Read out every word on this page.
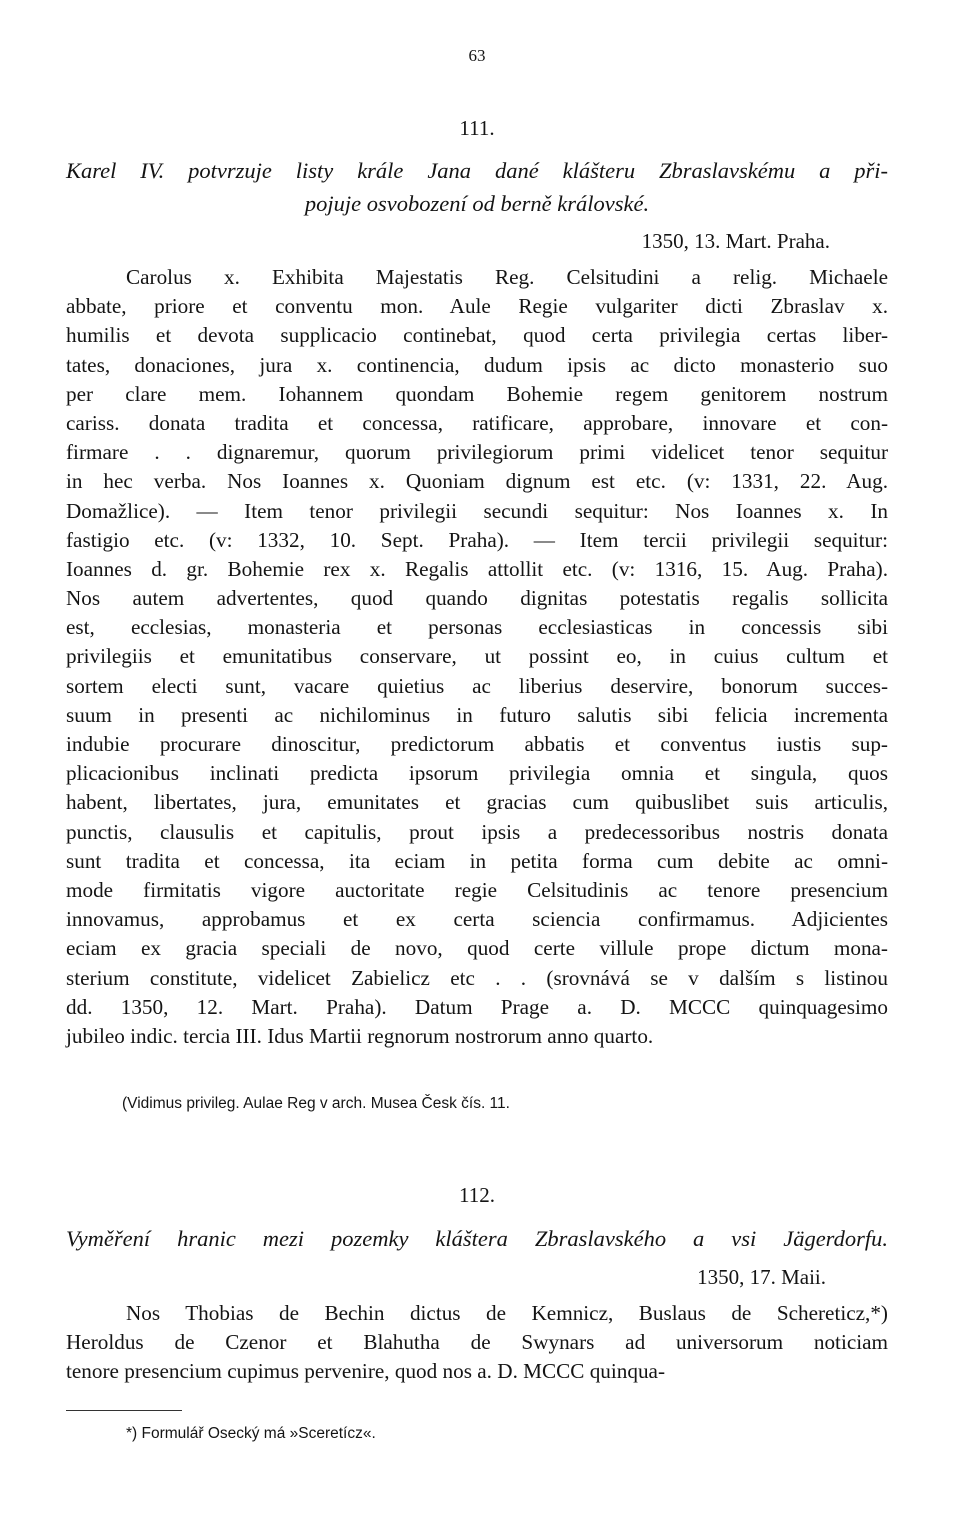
63
111.
Karel IV. potvrzuje listy krále Jana dané klášteru Zbraslavskému a při-
pojuje osvobození od berně královské.
1350, 13. Mart. Praha.
Carolus x. Exhibita Majestatis Reg. Celsitudini a relig. Michaele
abbate, priore et conventu mon. Aule Regie vulgariter dicti Zbraslav x.
humilis et devota supplicacio continebat, quod certa privilegia certas liber-
tates, donaciones, jura x. continencia, dudum ipsis ac dicto monasterio suo
per clare mem. Iohannem quondam Bohemie regem genitorem nostrum
cariss. donata tradita et concessa, ratificare, approbare, innovare et con-
firmare . . dignaremur, quorum privilegiorum primi videlicet tenor sequitur
in hec verba. Nos Ioannes x. Quoniam dignum est etc. (v: 1331, 22. Aug.
Domažlice). — Item tenor privilegii secundi sequitur: Nos Ioannes x. In
fastigio etc. (v: 1332, 10. Sept. Praha). — Item tercii privilegii sequitur:
Ioannes d. gr. Bohemie rex x. Regalis attollit etc. (v: 1316, 15. Aug. Praha).
Nos autem advertentes, quod quando dignitas potestatis regalis sollicita
est, ecclesias, monasteria et personas ecclesiasticas in concessis sibi
privilegiis et emunitatibus conservare, ut possint eo, in cuius cultum et
sortem electi sunt, vacare quietius ac liberius deservire, bonorum succes-
suum in presenti ac nichilominus in futuro salutis sibi felicia incrementa
indubie procurare dinoscitur, predictorum abbatis et conventus iustis sup-
plicacionibus inclinati predicta ipsorum privilegia omnia et singula, quos
habent, libertates, jura, emunitates et gracias cum quibuslibet suis articulis,
punctis, clausulis et capitulis, prout ipsis a predecessoribus nostris donata
sunt tradita et concessa, ita eciam in petita forma cum debite ac omni-
mode firmitatis vigore auctoritate regie Celsitudinis ac tenore presencium
innovamus, approbamus et ex certa sciencia confirmamus. Adjicientes
eciam ex gracia speciali de novo, quod certe villule prope dictum mona-
sterium constitute, videlicet Zabielicz etc . . (srovnává se v dalším s listinou
dd. 1350, 12. Mart. Praha). Datum Prage a. D. MCCC quinquagesimo
jubileo indic. tercia III. Idus Martii regnorum nostrorum anno quarto.
(Vidimus privileg. Aulae Reg v arch. Musea Česk čís. 11.
112.
Vyměření hranic mezi pozemky kláštera Zbraslavského a vsi Jägerdorfu.
1350, 17. Maii.
Nos Thobias de Bechin dictus de Kemnicz, Buslaus de Schereticz,*)
Heroldus de Czenor et Blahutha de Swynars ad universorum noticiam
tenore presencium cupimus pervenire, quod nos a. D. MCCC quinqua-
*) Formulář Osecký má »Sceretícz«.
